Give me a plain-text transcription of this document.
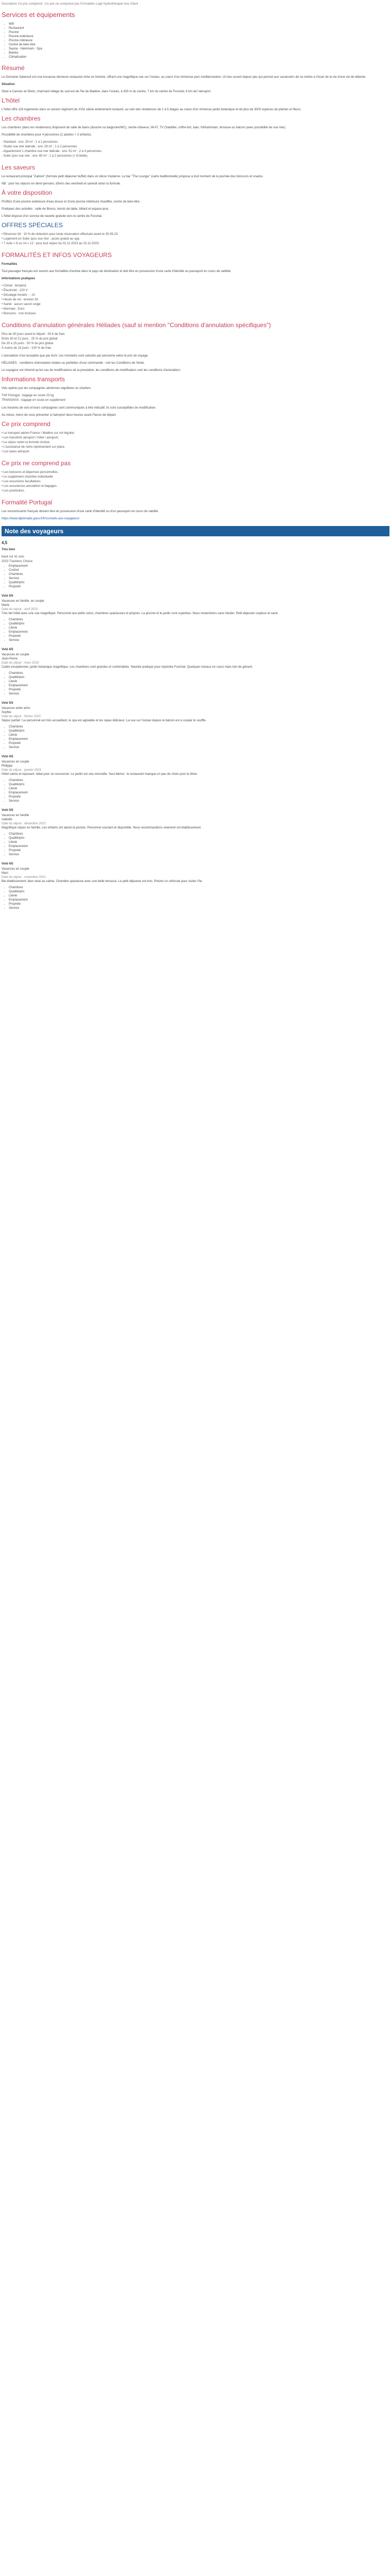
Description Ce prix comprend : Ce prix ne comprend pas Formalités Logé Hydrothérapie Avis Client

Services et équipements
• Wifi
• Restaurant
• Piscine
• Piscine extérieure
• Piscine intérieure
• Centre de bien-être
• Sauna - Hammam - Spa
• Balnéo
• Climatisation
Résumé

Le Domaine Saleneuf est une luxueuse demeure restaurée riche en histoire, offrant une magnifique vue sur l'océan, au coeur d'un immense parc méditerranéen. Un lieu ouvert depuis peu qui permet aux vacanciers de se mettre à l'écart de la vie d'une vie de détente.

Situation

Situé à Cannes en Bretz, charmant village du sud-est de l'Ile de Madère, dans l'océan, à 300 m du centre, 7 km du centre de Funchal, 8 km de l'aéroport.

L'hôtel

L'hôtel offre 116 logements dans un ancien régiment du XVIe siècle entièrement restauré, au sein des résidences de 1 à 5 étages au coeur d'un immense jardin botanique et de plus de 3000 espèces de plantes et fleurs.

Les chambres

Les chambres (dans les résidences) disposent de salle de bains (douche ou baignoire/WC), sèche-cheveux, Wi-Fi, TV (Satellite, coffre-fort, bain, frit/hammam, terrasse ou balcon (avec possibilité de vue mer).

Possibilité de chambres pour 4 personnes (2 adultes + 2 enfants).

- Standard : env. 29 m² ; 1 à 2 personnes

- Studio vue mer latérale : env. 29 m² ; 1 à 2 personnes

- Appartement 1 chambre vue mer latérale : env. 51 m² ; 2 à 4 personnes.

- Suite 1pcs vue mer : env. 65 m² ; 1 à 2 personnes (+ lit bébé).

Les saveurs

Le restaurant principal "Zadore" (formule petit déjeuner buffet) dans un décor moderne. Le bar "The Lounge" (carte traditionnelle) propose à tout moment de la journée des boissons et snacks.

NB : pour les séjours en demi-pension, dîners des vendredi et samedi selon la formule.

À votre disposition

Profitez d'une piscine extérieure d'eau douce et d'une piscine intérieure chauffée, centre de bien-être.

Pratiquez des activités : salle de fitness, tennis de table, billard et espace jeux.

L'hôtel dispose d'un service de navette gratuite vers le centre de Funchal.

OFFRES SPÉCIALES

• Réservez tôt : 10 % de réduction pour toute réservation effectuée avant le 30.09.23.

• Logement en Suite 1pcs vue mer : accès gratuit au spa.

• 7 nuits = 6 ou 14 = 12 : pour tout séjour du 01.11.2023 au 23.12.2023.

FORMALITÉS ET INFOS VOYAGEURS

Formalités

Tout passager français est soumis aux formalités d'entrée dans le pays de destination et doit être en possession d'une carte d'identité ou passeport en cours de validité.

Informations pratiques

• Climat : tempéré

• Électricité : 220 V

• Décalage horaire : - 1h

• Heure de vol : environ 3h

• Santé : aucun vaccin exigé

• Monnaie : Euro

• Boissons : non incluses

Conditions d'annulation générales Héliades (sauf si mention "Conditions d'annulation spécifiques")

Plus de 30 jours avant le départ : 50 € de frais

Entre 30 et 21 jours : 25 % du prix global

De 20 à 15 jours : 50 % du prix global

À moins de 15 jours : 100 % de frais

L'annulation n'est acceptée que par écrit. Les montants sont calculés par personne selon le prix du voyage.

HÉLIADES : conditions d'annulation totales ou partielles d'une commande - voir les Conditions de Vente.

Le voyageur est informé qu'en cas de modifications de la prestation, les conditions de modification sont les conditions d'annulation.

Informations transports

Vols opérés par les compagnies aériennes régulières ou charters.

TAP Portugal : bagage en soute 23 kg

TRANSAVIA : bagage en soute en supplément

Les horaires de vols et leurs compagnies sont communiqués à titre indicatif, ils sont susceptibles de modification.

Au retour, merci de vous présenter à l'aéroport deux heures avant l'heure de départ.

Ce prix comprend

• Le transport aérien France / Madère sur vol régulier.

• Les transferts aéroport / hôtel / aéroport.

• Le séjour selon la formule choisie.

• L'assistance de notre représentant sur place.

• Les taxes aéroport.

Ce prix ne comprend pas

• Les boissons et dépenses personnelles.

• Le supplément chambre individuelle.

• Les excursions facultatives.

• Les assurances annulation et bagages.

• Les pourboires.

Formalité Portugal

Les ressortissants français doivent être en possession d'une carte d'identité ou d'un passeport en cours de validité.

https://www.diplomatie.gouv.fr/fr/conseils-aux-voyageurs/

Note des voyageurs

4,5

Très bien

basé sur 41 avis

2023 Travelers Choice

• Emplacement
• Confort
• Chambres
• Service
• Qualité/prix
• Propreté

Voté 5/5

Vacances en famille, en couple

Marie

Date du séjour : avril 2023

Très bel hôtel avec une vue magnifique. Personnel aux petits soins, chambres spacieuses et propres. La piscine et le jardin sont superbes. Nous reviendrons sans hésiter. Petit déjeuner copieux et varié.

• Chambres
• Qualité/prix
• Literie
• Emplacement
• Propreté
• Service

Voté 4/5

Vacances en couple

Jean-Pierre

Date du séjour : mars 2023

Cadre exceptionnel, jardin botanique magnifique. Les chambres sont grandes et confortables. Navette pratique pour rejoindre Funchal. Quelques travaux en cours mais rien de gênant.

• Chambres
• Qualité/prix
• Literie
• Emplacement
• Propreté
• Service

Voté 5/5

Vacances entre amis

Sophie

Date du séjour : février 2023

Séjour parfait ! Le personnel est très accueillant, le spa est agréable et les repas délicieux. La vue sur l'océan depuis le balcon est à couper le souffle.

• Chambres
• Qualité/prix
• Literie
• Emplacement
• Propreté
• Service

Voté 4/5

Vacances en couple

Philippe

Date du séjour : janvier 2023

Hôtel calme et reposant. Idéal pour se ressourcer. Le jardin est une merveille. Seul bémol : le restaurant manque un peu de choix pour le dîner.

• Chambres
• Qualité/prix
• Literie
• Emplacement
• Propreté
• Service

Voté 5/5

Vacances en famille

Isabelle

Date du séjour : décembre 2022

Magnifique séjour en famille. Les enfants ont adoré la piscine. Personnel souriant et disponible. Nous recommandons vivement cet établissement.

• Chambres
• Qualité/prix
• Literie
• Emplacement
• Propreté
• Service

Voté 4/5

Vacances en couple

Marc

Date du séjour : novembre 2022

Bel établissement, bien situé au calme. Chambre spacieuse avec une belle terrasse. Le petit déjeuner est bon. Prévoir un véhicule pour visiter l'île.

• Chambres
• Qualité/prix
• Literie
• Emplacement
• Propreté
• Service
